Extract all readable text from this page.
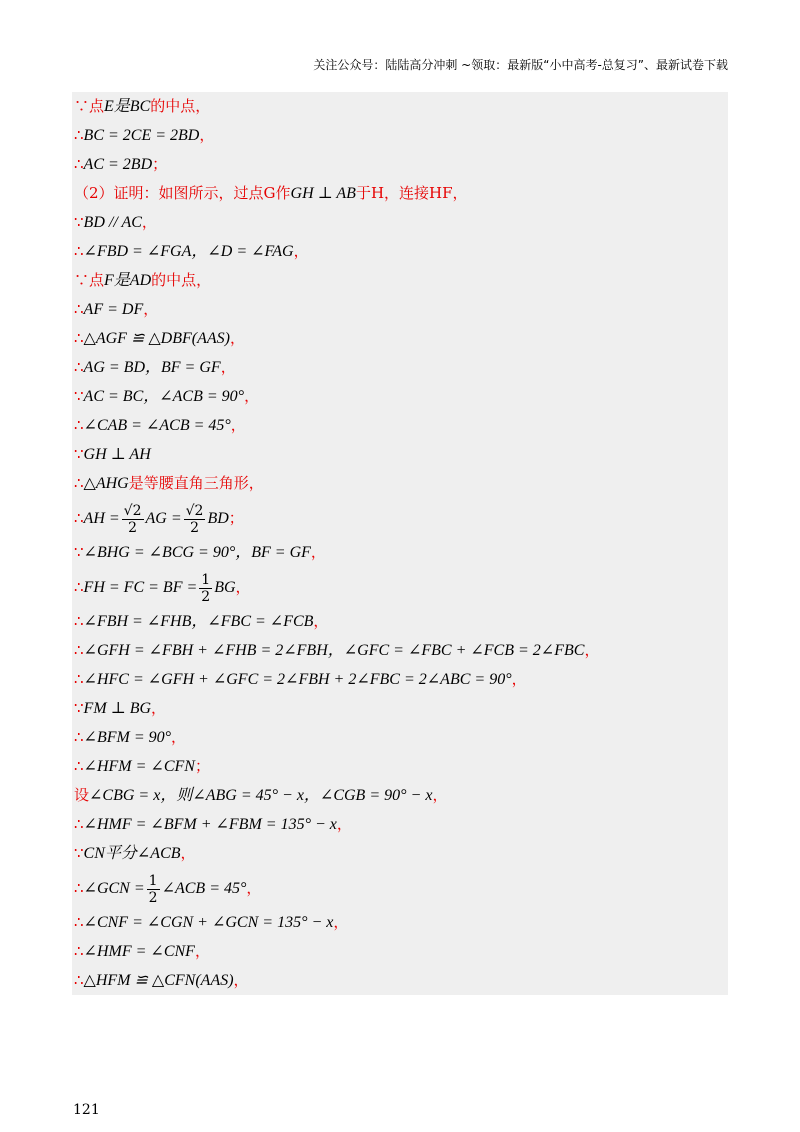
关注公众号：陆陆高分冲刺 ~领取：最新版“小中高考-总复习”、最新试卷下载
∵点E是BC的中点，
∴BC = 2CE = 2BD，
∴AC = 2BD；
（2）证明：如图所示，过点G作GH ⊥ AB于H，连接HF，
∵BD // AC，
∴∠FBD = ∠FGA，∠D = ∠FAG，
∵点F是AD的中点，
∴AF = DF，
∴△AGF ≌ △DBF(AAS)，
∴AG = BD，BF = GF，
∵AC = BC，∠ACB = 90°，
∴∠CAB = ∠ACB = 45°，
∵GH ⊥ AH
∴△AHG是等腰直角三角形，
∴AH = $\frac{√2}{2}$ AG = $\frac{√2}{2}$ BD；
∵∠BHG = ∠BCG = 90°，BF = GF，
∴FH = FC = BF = $\frac{1}{2}$ BG，
∴∠FBH = ∠FHB，∠FBC = ∠FCB，
∴∠GFH = ∠FBH + ∠FHB = 2∠FBH，∠GFC = ∠FBC + ∠FCB = 2∠FBC，
∴∠HFC = ∠GFH + ∠GFC = 2∠FBH + 2∠FBC = 2∠ABC = 90°，
∵FM ⊥ BG，
∴∠BFM = 90°，
∴∠HFM = ∠CFN；
设∠CBG = x，则∠ABG = 45° − x，∠CGB = 90° − x，
∴∠HMF = ∠BFM + ∠FBM = 135° − x，
∵CN平分∠ACB，
∴∠GCN = $\frac{1}{2}$ ∠ACB = 45°，
∴∠CNF = ∠CGN + ∠GCN = 135° − x，
∴∠HMF = ∠CNF，
∴△HFM ≌ △CFN(AAS)，
121
